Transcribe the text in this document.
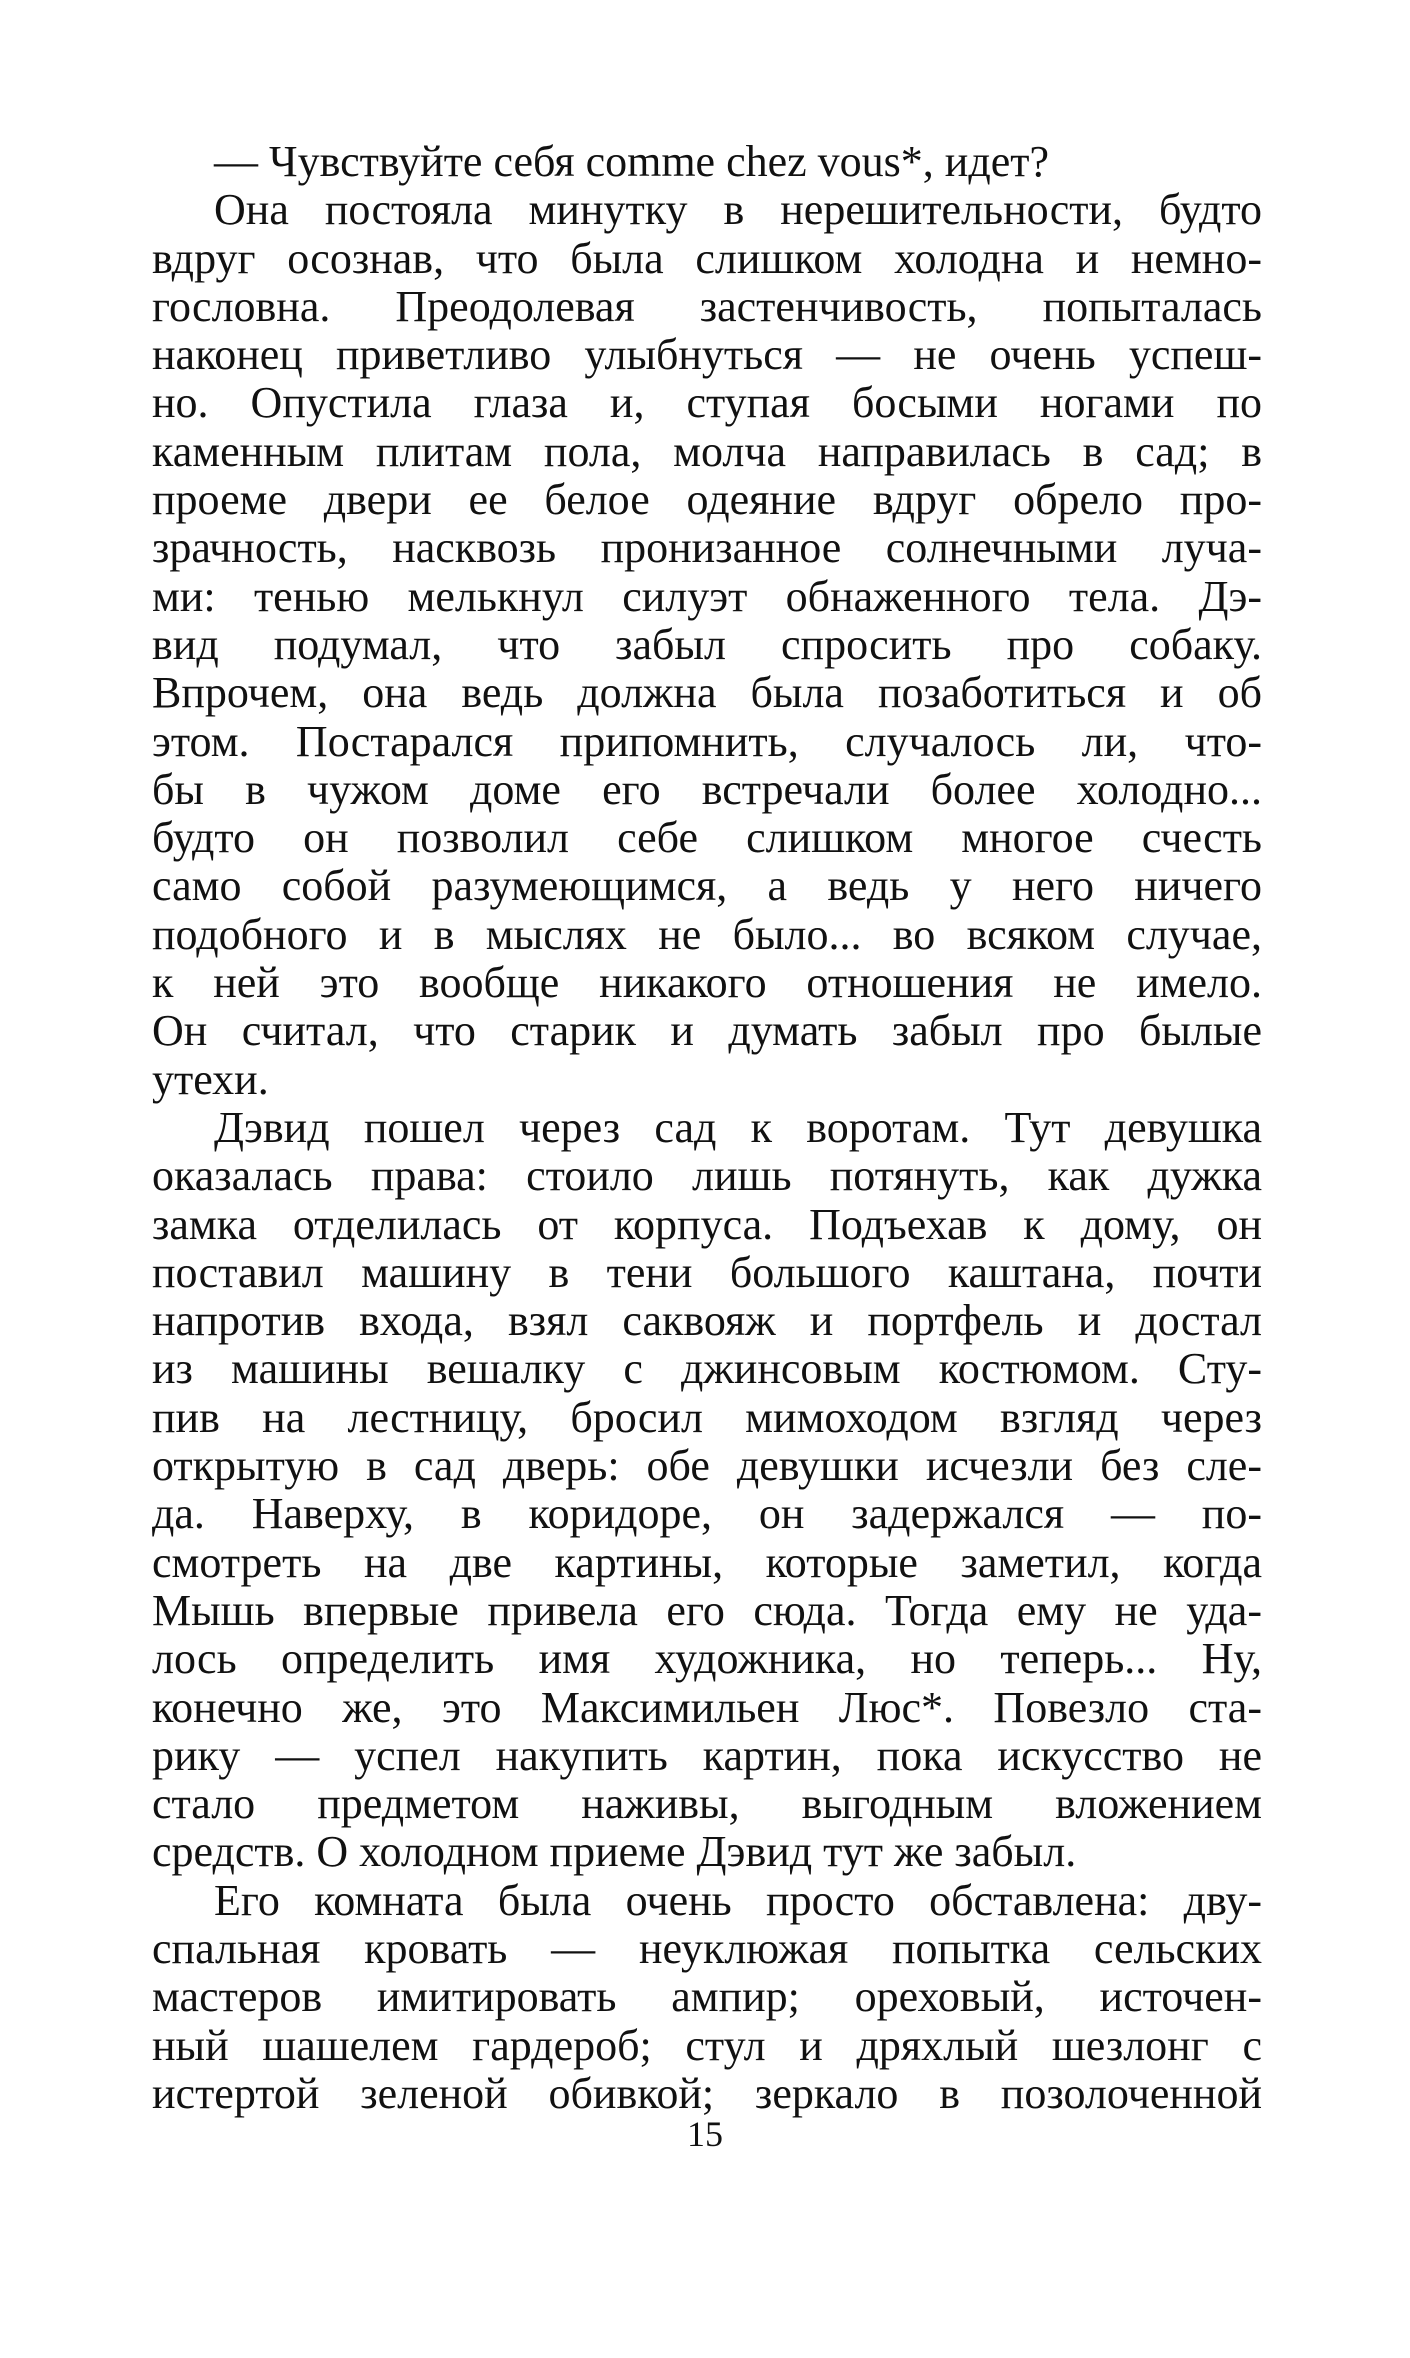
— Чувствуйте себя comme chez vous*, идет?
Она постояла минутку в нерешительности, будто
вдруг осознав, что была слишком холодна и немно-
гословна. Преодолевая застенчивость, попыталась
наконец приветливо улыбнуться — не очень успеш-
но. Опустила глаза и, ступая босыми ногами по
каменным плитам пола, молча направилась в сад; в
проеме двери ее белое одеяние вдруг обрело про-
зрачность, насквозь пронизанное солнечными луча-
ми: тенью мелькнул силуэт обнаженного тела. Дэ-
вид подумал, что забыл спросить про собаку.
Впрочем, она ведь должна была позаботиться и об
этом. Постарался припомнить, случалось ли, что-
бы в чужом доме его встречали более холодно...
будто он позволил себе слишком многое счесть
само собой разумеющимся, а ведь у него ничего
подобного и в мыслях не было... во всяком случае,
к ней это вообще никакого отношения не имело.
Он считал, что старик и думать забыл про былые
утехи.
Дэвид пошел через сад к воротам. Тут девушка
оказалась права: стоило лишь потянуть, как дужка
замка отделилась от корпуса. Подъехав к дому, он
поставил машину в тени большого каштана, почти
напротив входа, взял саквояж и портфель и достал
из машины вешалку с джинсовым костюмом. Сту-
пив на лестницу, бросил мимоходом взгляд через
открытую в сад дверь: обе девушки исчезли без сле-
да. Наверху, в коридоре, он задержался — по-
смотреть на две картины, которые заметил, когда
Мышь впервые привела его сюда. Тогда ему не уда-
лось определить имя художника, но теперь... Ну,
конечно же, это Максимильен Люс*. Повезло ста-
рику — успел накупить картин, пока искусство не
стало предметом наживы, выгодным вложением
средств. О холодном приеме Дэвид тут же забыл.
Его комната была очень просто обставлена: дву-
спальная кровать — неуклюжая попытка сельских
мастеров имитировать ампир; ореховый, источен-
ный шашелем гардероб; стул и дряхлый шезлонг с
истертой зеленой обивкой; зеркало в позолоченной
15
